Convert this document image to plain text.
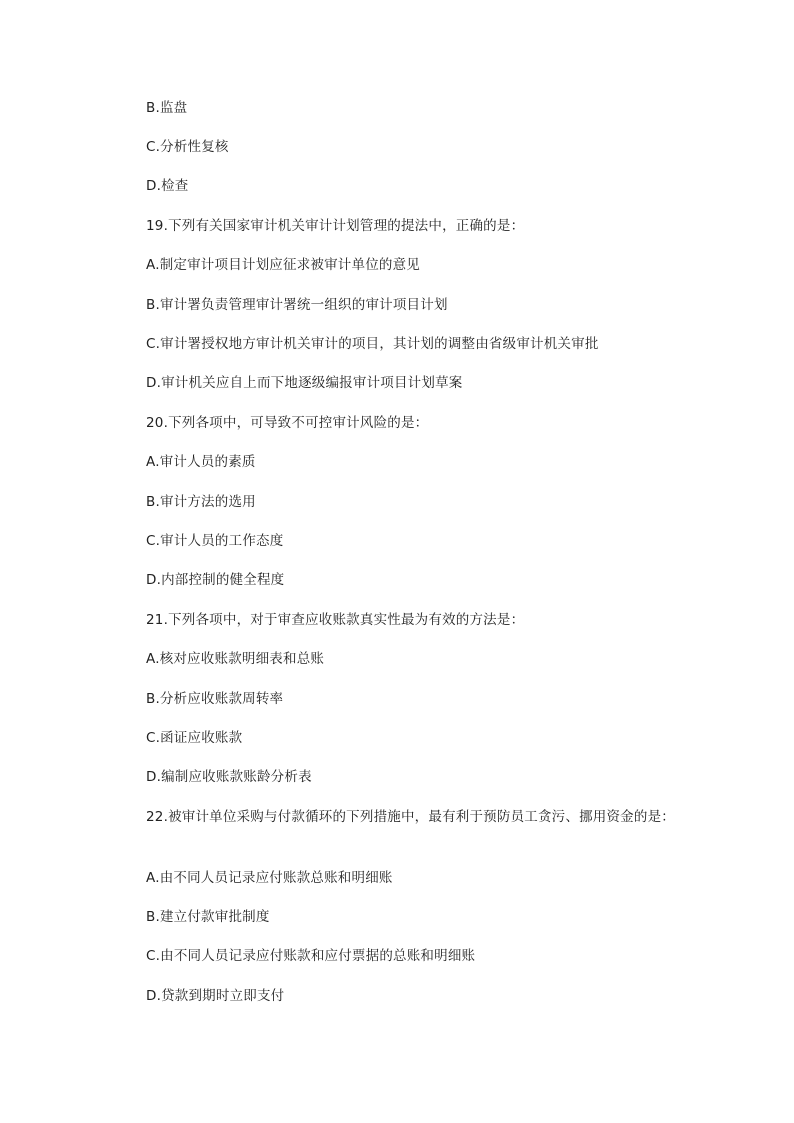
B.监盘
C.分析性复核
D.检查
19.下列有关国家审计机关审计计划管理的提法中，正确的是：
A.制定审计项目计划应征求被审计单位的意见
B.审计署负责管理审计署统一组织的审计项目计划
C.审计署授权地方审计机关审计的项目，其计划的调整由省级审计机关审批
D.审计机关应自上而下地逐级编报审计项目计划草案
20.下列各项中，可导致不可控审计风险的是：
A.审计人员的素质
B.审计方法的选用
C.审计人员的工作态度
D.内部控制的健全程度
21.下列各项中，对于审查应收账款真实性最为有效的方法是：
A.核对应收账款明细表和总账
B.分析应收账款周转率
C.函证应收账款
D.编制应收账款账龄分析表
22.被审计单位采购与付款循环的下列措施中，最有利于预防员工贪污、挪用资金的是：
A.由不同人员记录应付账款总账和明细账
B.建立付款审批制度
C.由不同人员记录应付账款和应付票据的总账和明细账
D.贷款到期时立即支付
